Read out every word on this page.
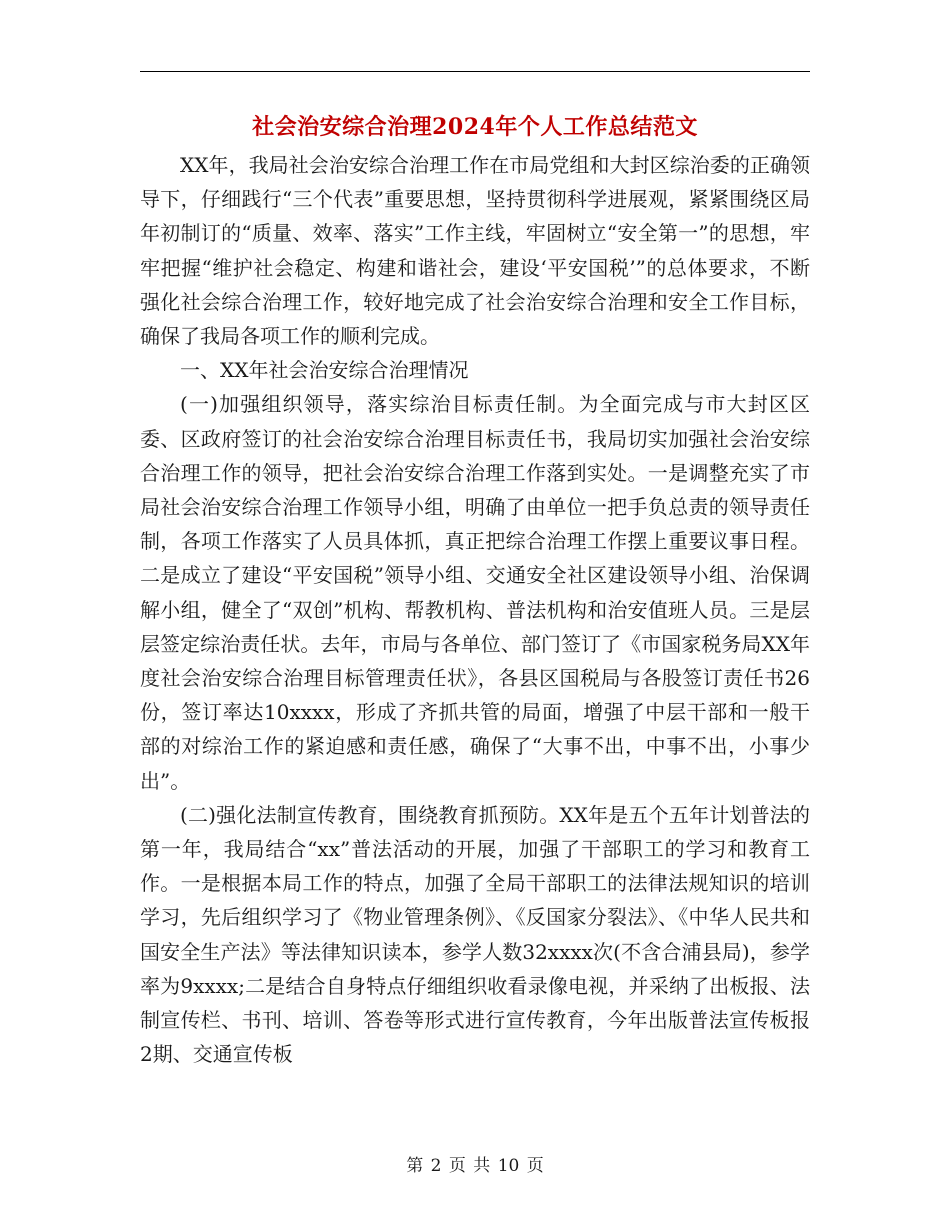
社会治安综合治理2024年个人工作总结范文

XX年，我局社会治安综合治理工作在市局党组和大封区综治委的正确领导下，仔细践行“三个代表”重要思想，坚持贯彻科学进展观，紧紧围绕区局年初制订的“质量、效率、落实”工作主线，牢固树立“安全第一”的思想，牢牢把握“维护社会稳定、构建和谐社会，建设‘平安国税’”的总体要求，不断强化社会综合治理工作，较好地完成了社会治安综合治理和安全工作目标，确保了我局各项工作的顺利完成。

一、XX年社会治安综合治理情况

(一)加强组织领导，落实综治目标责任制。为全面完成与市大封区区委、区政府签订的社会治安综合治理目标责任书，我局切实加强社会治安综合治理工作的领导，把社会治安综合治理工作落到实处。一是调整充实了市局社会治安综合治理工作领导小组，明确了由单位一把手负总责的领导责任制，各项工作落实了人员具体抓，真正把综合治理工作摆上重要议事日程。二是成立了建设“平安国税”领导小组、交通安全社区建设领导小组、治保调解小组，健全了“双创”机构、帮教机构、普法机构和治安值班人员。三是层层签定综治责任状。去年，市局与各单位、部门签订了《市国家税务局XX年度社会治安综合治理目标管理责任状》，各县区国税局与各股签订责任书26份，签订率达10xxxx，形成了齐抓共管的局面，增强了中层干部和一般干部的对综治工作的紧迫感和责任感，确保了“大事不出，中事不出，小事少出”。

(二)强化法制宣传教育，围绕教育抓预防。XX年是五个五年计划普法的第一年，我局结合“xx”普法活动的开展，加强了干部职工的学习和教育工作。一是根据本局工作的特点，加强了全局干部职工的法律法规知识的培训学习，先后组织学习了《物业管理条例》、《反国家分裂法》、《中华人民共和国安全生产法》等法律知识读本，参学人数32xxxx次(不含合浦县局)，参学率为9xxxx;二是结合自身特点仔细组织收看录像电视，并采纳了出板报、法制宣传栏、书刊、培训、答卷等形式进行宣传教育，今年出版普法宣传板报2期、交通宣传板

第 2 页 共 10 页
